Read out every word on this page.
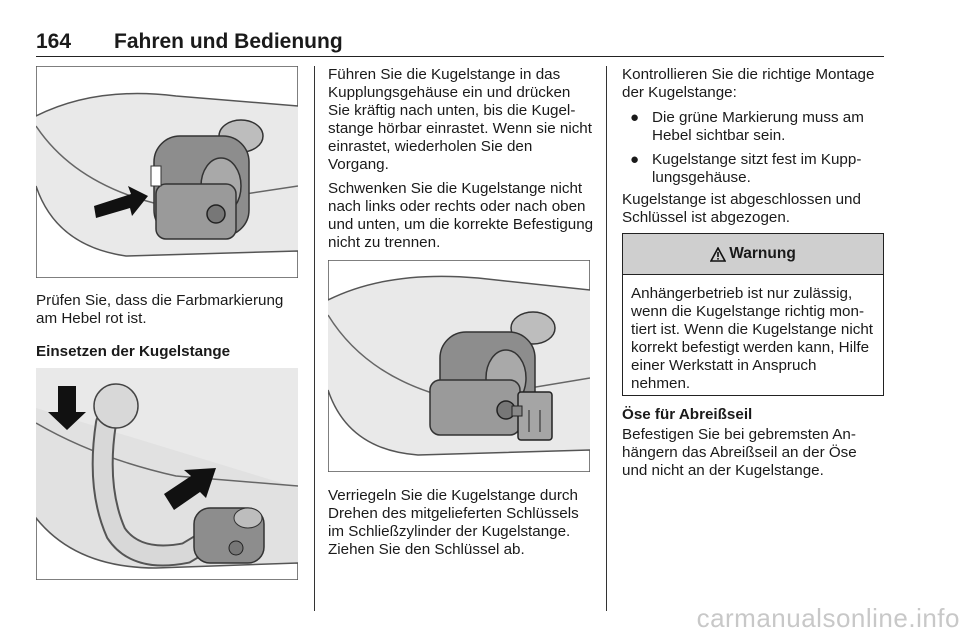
164 Fahren und Bedienung

Prüfen Sie, dass die Farbmarkierung am Hebel rot ist.

Einsetzen der Kugelstange

Führen Sie die Kugelstange in das Kupplungsgehäuse ein und drücken Sie kräftig nach unten, bis die Kugelstange hörbar einrastet. Wenn sie nicht einrastet, wiederholen Sie den Vorgang.

Schwenken Sie die Kugelstange nicht nach links oder rechts oder nach oben und unten, um die korrekte Befestigung nicht zu trennen.

Verriegeln Sie die Kugelstange durch Drehen des mitgelieferten Schlüssels im Schließzylinder der Kugelstange. Ziehen Sie den Schlüssel ab.

Kontrollieren Sie die richtige Montage der Kugelstange:

● Die grüne Markierung muss am Hebel sichtbar sein.
● Kugelstange sitzt fest im Kupplungsgehäuse.

Kugelstange ist abgeschlossen und Schlüssel ist abgezogen.

Warnung
Anhängerbetrieb ist nur zulässig, wenn die Kugelstange richtig montiert ist. Wenn die Kugelstange nicht korrekt befestigt werden kann, Hilfe einer Werkstatt in Anspruch nehmen.

Öse für Abreißseil

Befestigen Sie bei gebremsten Anhängern das Abreißseil an der Öse und nicht an der Kugelstange.

carmanualsonline.info
